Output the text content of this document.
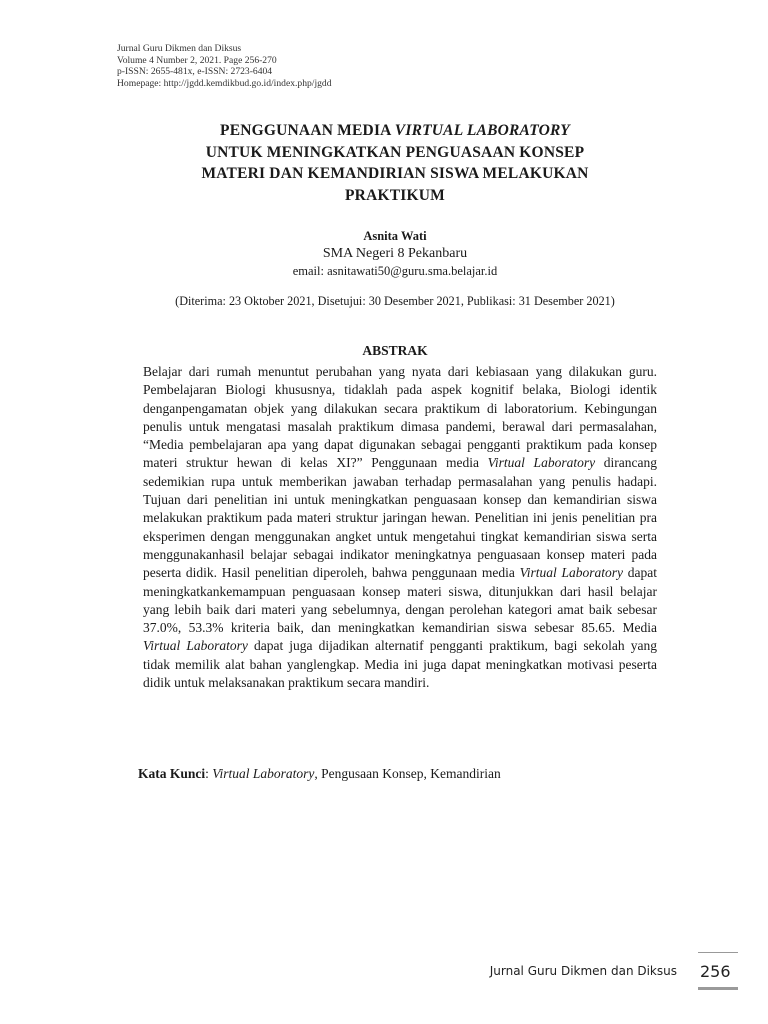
Jurnal Guru Dikmen dan Diksus
Volume 4 Number 2, 2021. Page 256-270
p-ISSN: 2655-481x, e-ISSN: 2723-6404
Homepage: http://jgdd.kemdikbud.go.id/index.php/jgdd
PENGGUNAAN MEDIA VIRTUAL LABORATORY
UNTUK MENINGKATKAN PENGUASAAN KONSEP
MATERI DAN KEMANDIRIAN SISWA MELAKUKAN
PRAKTIKUM
Asnita Wati
SMA Negeri 8 Pekanbaru
email: asnitawati50@guru.sma.belajar.id
(Diterima: 23 Oktober 2021, Disetujui: 30 Desember 2021, Publikasi: 31 Desember 2021)
ABSTRAK
Belajar dari rumah menuntut perubahan yang nyata dari kebiasaan yang dilakukan guru. Pembelajaran Biologi khususnya, tidaklah pada aspek kognitif belaka, Biologi identik denganpengamatan objek yang dilakukan secara praktikum di laboratorium. Kebingungan penulis untuk mengatasi masalah praktikum dimasa pandemi, berawal dari permasalahan, “Media pembelajaran apa yang dapat digunakan sebagai pengganti praktikum pada konsep materi struktur hewan di kelas XI?” Penggunaan media Virtual Laboratory dirancang sedemikian rupa untuk memberikan jawaban terhadap permasalahan yang penulis hadapi. Tujuan dari penelitian ini untuk meningkatkan penguasaan konsep dan kemandirian siswa melakukan praktikum pada materi struktur jaringan hewan. Penelitian ini jenis penelitian pra eksperimen dengan menggunakan angket untuk mengetahui tingkat kemandirian siswa serta menggunakanhasil belajar sebagai indikator meningkatnya penguasaan konsep materi pada peserta didik. Hasil penelitian diperoleh, bahwa penggunaan media Virtual Laboratory dapat meningkatkankemampuan penguasaan konsep materi siswa, ditunjukkan dari hasil belajar yang lebih baik dari materi yang sebelumnya, dengan perolehan kategori amat baik sebesar 37.0%, 53.3% kriteria baik, dan meningkatkan kemandirian siswa sebesar 85.65. Media Virtual Laboratory dapat juga dijadikan alternatif pengganti praktikum, bagi sekolah yang tidak memilik alat bahan yanglengkap. Media ini juga dapat meningkatkan motivasi peserta didik untuk melaksanakan praktikum secara mandiri.
Kata Kunci: Virtual Laboratory, Pengusaan Konsep, Kemandirian
Jurnal Guru Dikmen dan Diksus 256
